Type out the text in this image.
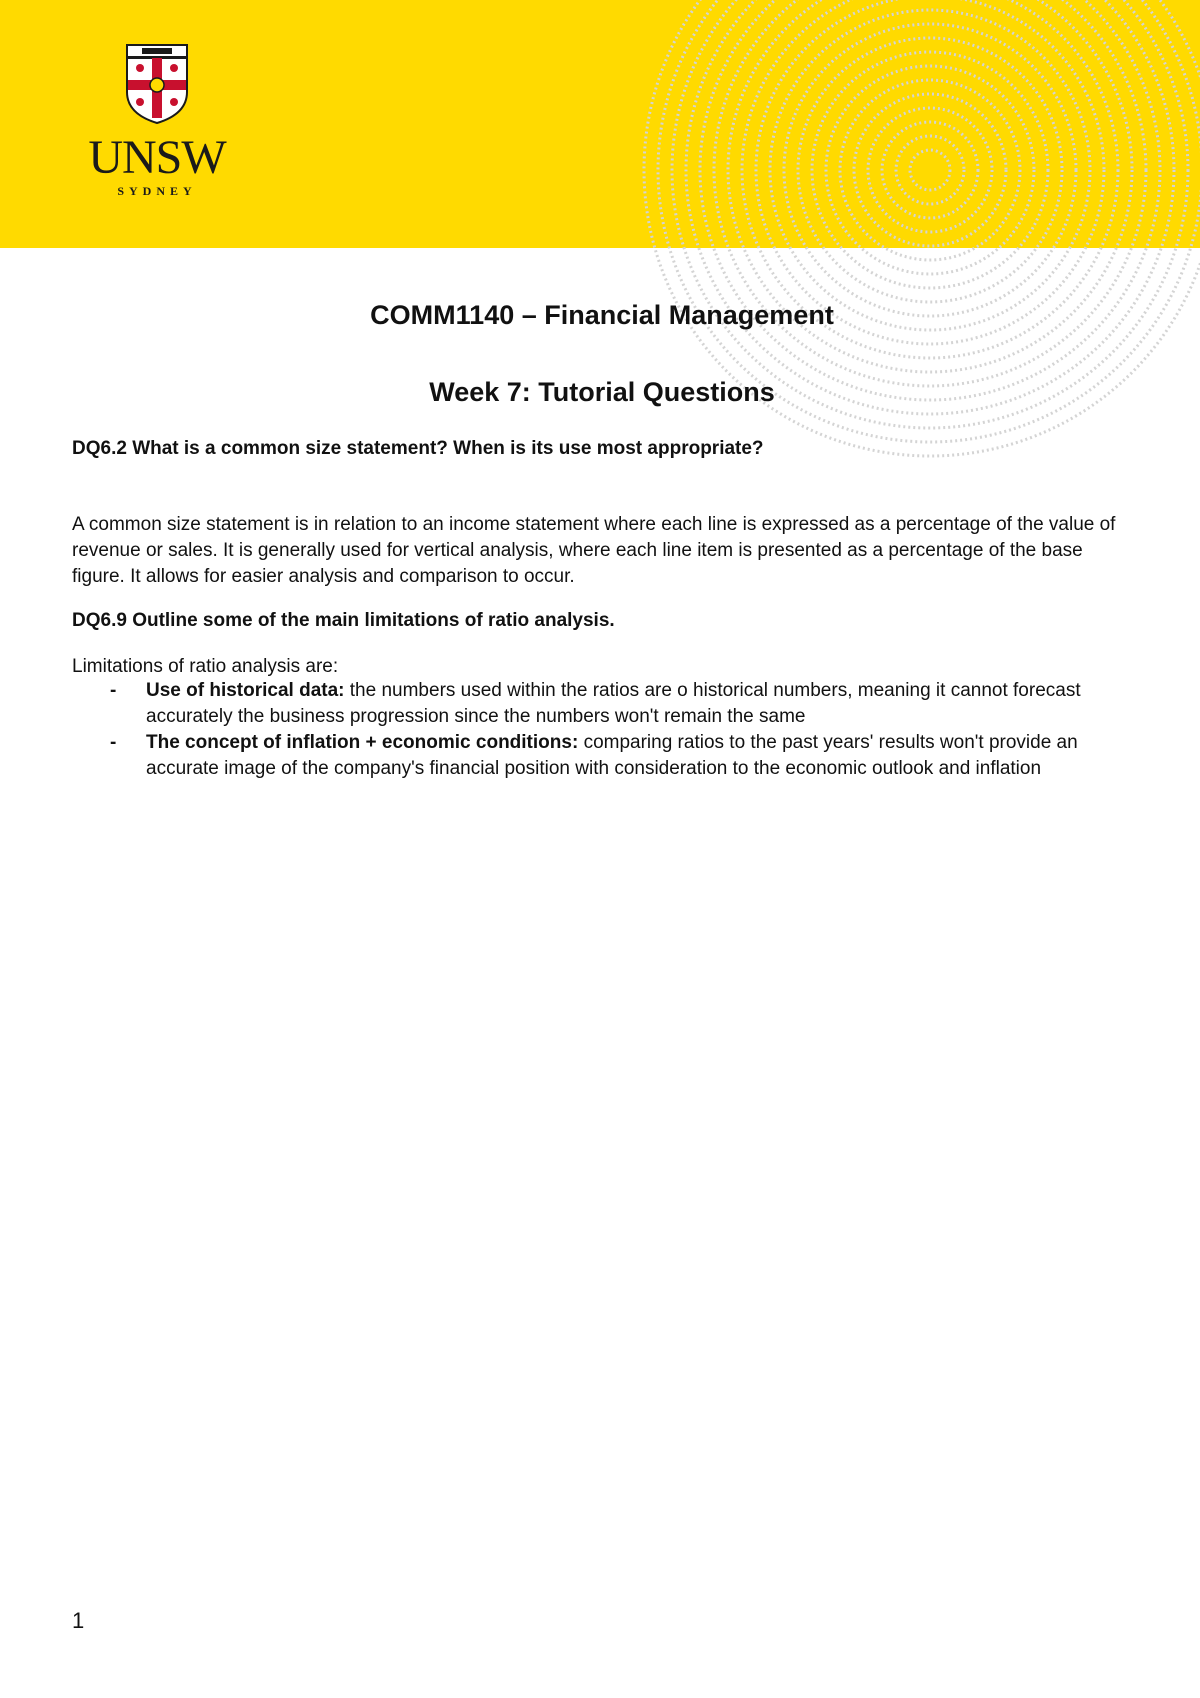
UNSW
SYDNEY
COMM1140 – Financial Management
Week 7: Tutorial Questions

DQ6.2 What is a common size statement? When is its use most appropriate?

A common size statement is in relation to an income statement where each line is expressed as a percentage of the value of revenue or sales. It is generally used for vertical analysis, where each line item is presented as a percentage of the base figure. It allows for easier analysis and comparison to occur.

DQ6.9 Outline some of the main limitations of ratio analysis.

Limitations of ratio analysis are:

- Use of historical data: the numbers used within the ratios are o historical numbers, meaning it cannot forecast accurately the business progression since the numbers won't remain the same
- The concept of inflation + economic conditions: comparing ratios to the past years' results won't provide an accurate image of the company's financial position with consideration to the economic outlook and inflation
1
